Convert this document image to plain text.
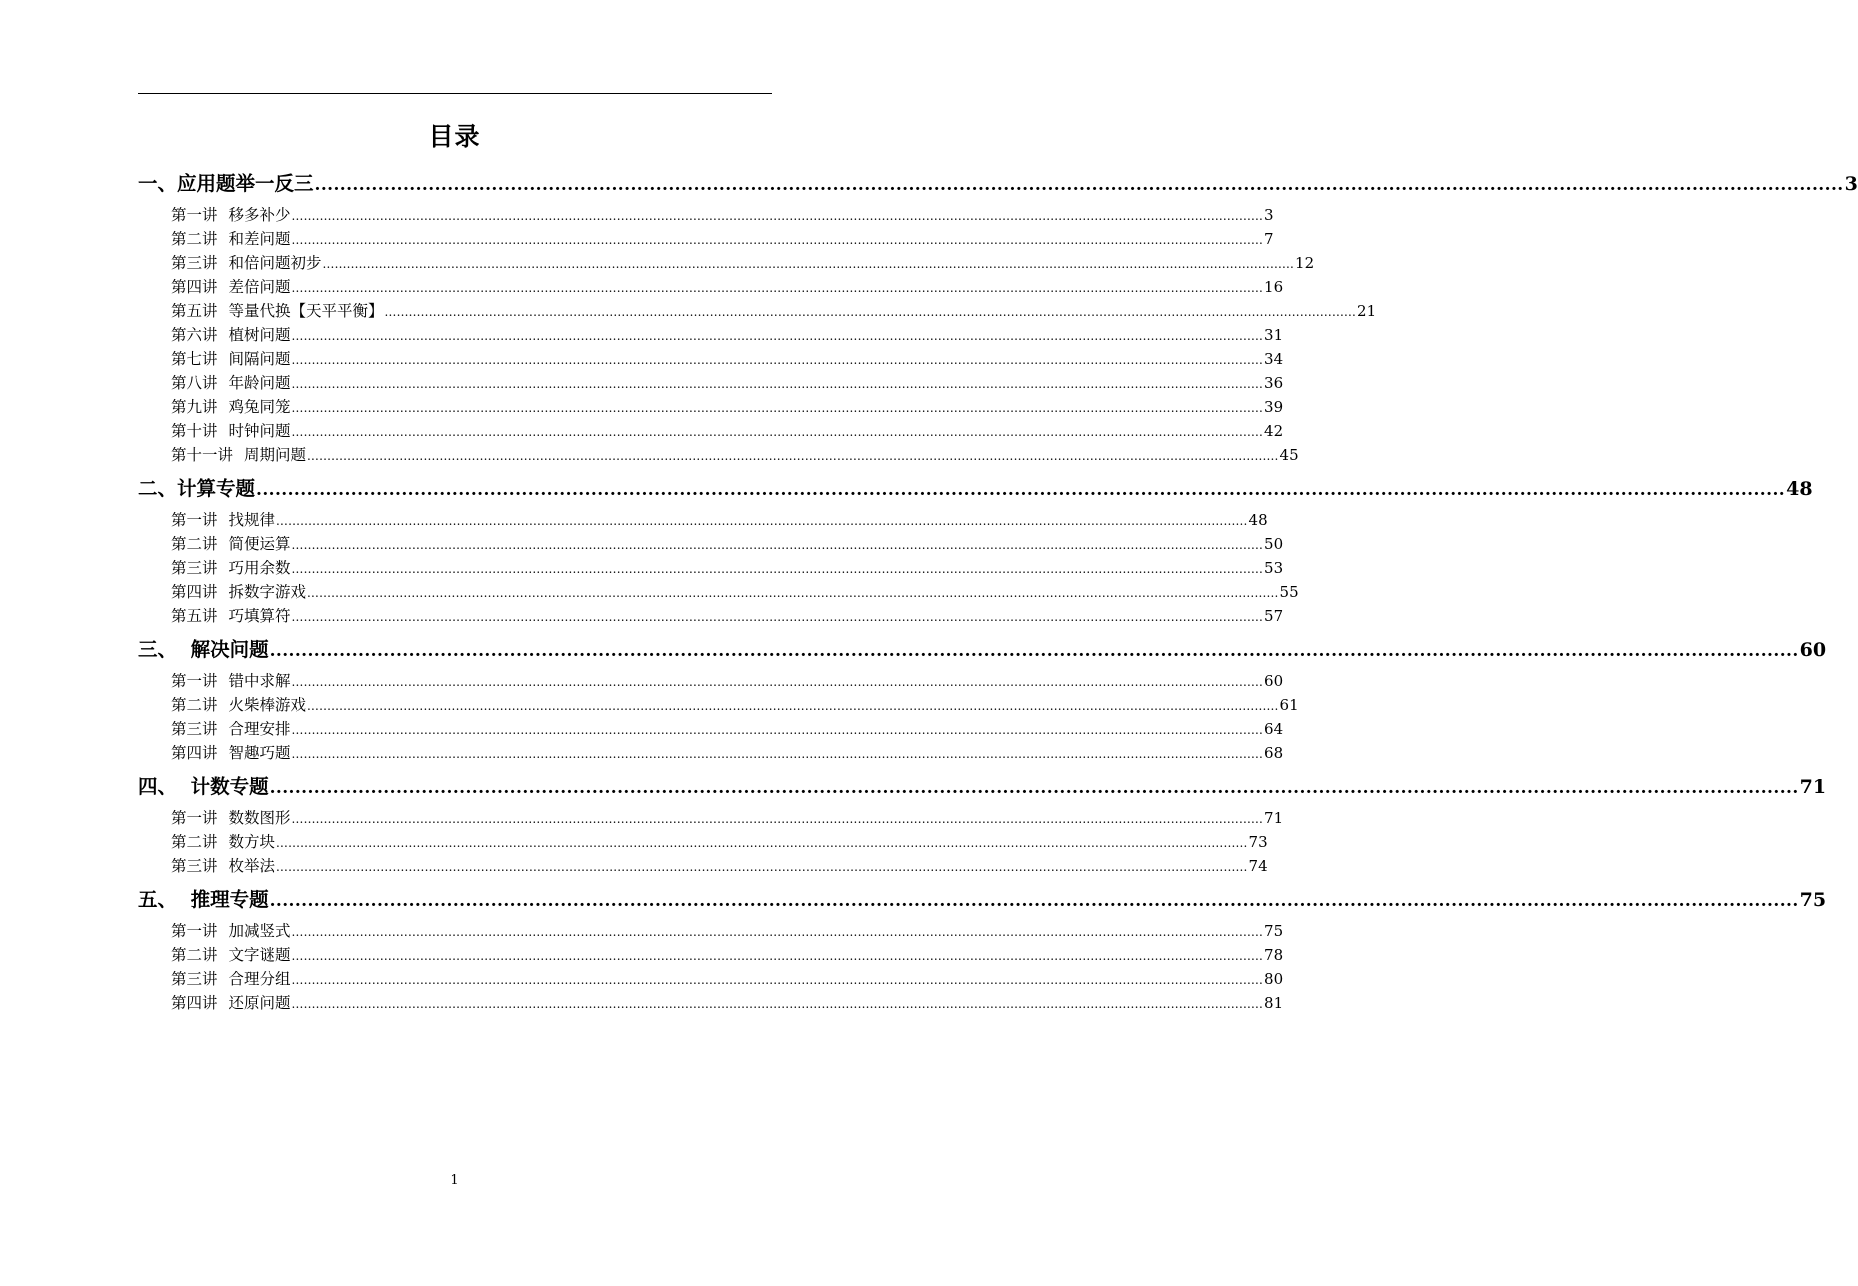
目录
一、应用题举一反三 .................................................................................................................................................................................................................................................. 3
第一讲 移多补少 .................................................................................................................................................................................................................................................. 3
第二讲 和差问题 .................................................................................................................................................................................................................................................. 7
第三讲 和倍问题初步 .................................................................................................................................................................................................................................................. 12
第四讲 差倍问题 .................................................................................................................................................................................................................................................. 16
第五讲 等量代换【天平平衡】 .................................................................................................................................................................................................................................................. 21
第六讲 植树问题 .................................................................................................................................................................................................................................................. 31
第七讲 间隔问题 .................................................................................................................................................................................................................................................. 34
第八讲 年龄问题 .................................................................................................................................................................................................................................................. 36
第九讲 鸡兔同笼 .................................................................................................................................................................................................................................................. 39
第十讲 时钟问题 .................................................................................................................................................................................................................................................. 42
第十一讲 周期问题 .................................................................................................................................................................................................................................................. 45
二、计算专题 .................................................................................................................................................................................................................................................. 48
第一讲 找规律 .................................................................................................................................................................................................................................................. 48
第二讲 简便运算 .................................................................................................................................................................................................................................................. 50
第三讲 巧用余数 .................................................................................................................................................................................................................................................. 53
第四讲 拆数字游戏 .................................................................................................................................................................................................................................................. 55
第五讲 巧填算符 .................................................................................................................................................................................................................................................. 57
三、  解决问题 .................................................................................................................................................................................................................................................. 60
第一讲 错中求解 .................................................................................................................................................................................................................................................. 60
第二讲 火柴棒游戏 .................................................................................................................................................................................................................................................. 61
第三讲 合理安排 .................................................................................................................................................................................................................................................. 64
第四讲 智趣巧题 .................................................................................................................................................................................................................................................. 68
四、  计数专题 .................................................................................................................................................................................................................................................. 71
第一讲 数数图形 .................................................................................................................................................................................................................................................. 71
第二讲 数方块 .................................................................................................................................................................................................................................................. 73
第三讲 枚举法 .................................................................................................................................................................................................................................................. 74
五、  推理专题 .................................................................................................................................................................................................................................................. 75
第一讲 加减竖式 .................................................................................................................................................................................................................................................. 75
第二讲 文字谜题 .................................................................................................................................................................................................................................................. 78
第三讲 合理分组 .................................................................................................................................................................................................................................................. 80
第四讲 还原问题 .................................................................................................................................................................................................................................................. 81
1
